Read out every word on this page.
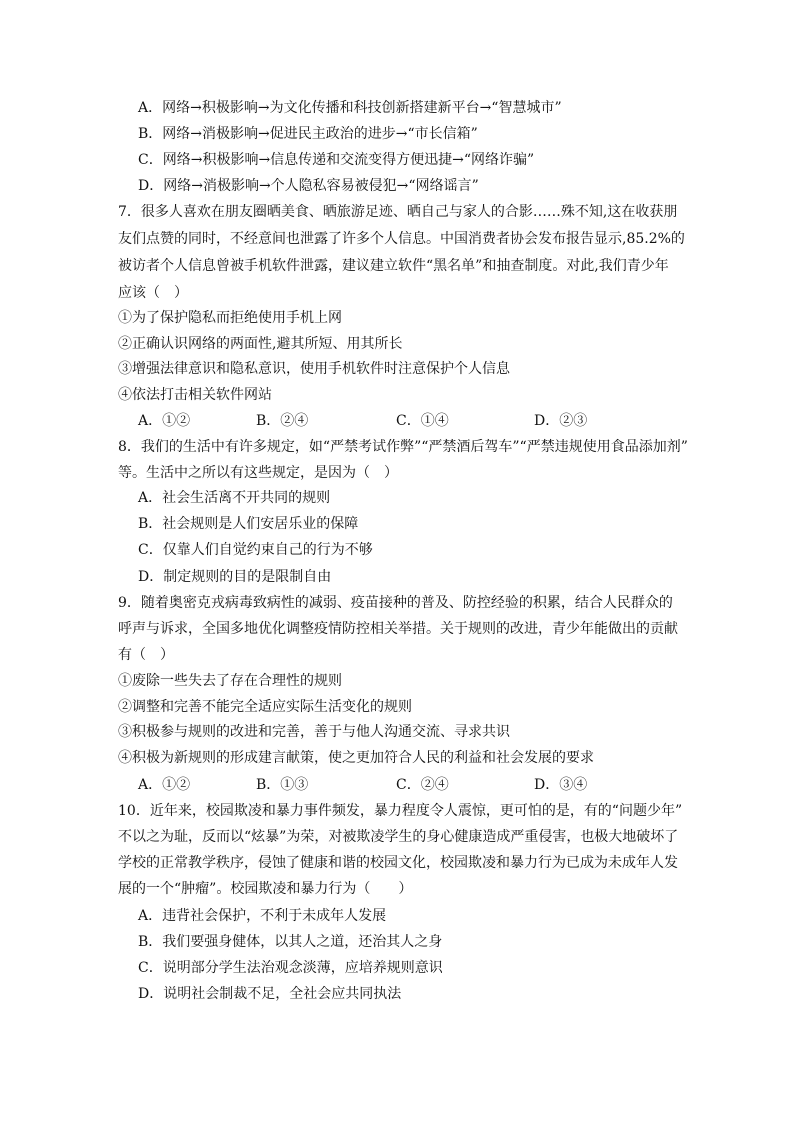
A．网络→积极影响→为文化传播和科技创新搭建新平台→“智慧城市”
B．网络→消极影响→促进民主政治的进步→“市长信箱”
C．网络→积极影响→信息传递和交流变得方便迅捷→“网络诈骗”
D．网络→消极影响→个人隐私容易被侵犯→“网络谣言”
7．很多人喜欢在朋友圈晒美食、晒旅游足迹、晒自己与家人的合影……殊不知,这在收获朋
友们点赞的同时，不经意间也泄露了许多个人信息。中国消费者协会发布报告显示,85.2%的
被访者个人信息曾被手机软件泄露，建议建立软件“黑名单”和抽查制度。对此,我们青少年
应该（　）
①为了保护隐私而拒绝使用手机上网
②正确认识网络的两面性,避其所短、用其所长
③增强法律意识和隐私意识，使用手机软件时注意保护个人信息
④依法打击相关软件网站
A．①②	B．②④	C．①④	D．②③
8．我们的生活中有许多规定，如“严禁考试作弊”“严禁酒后驾车”“严禁违规使用食品添加剂”
等。生活中之所以有这些规定，是因为（　）
A．社会生活离不开共同的规则
B．社会规则是人们安居乐业的保障
C．仅靠人们自觉约束自己的行为不够
D．制定规则的目的是限制自由
9．随着奥密克戎病毒致病性的减弱、疫苗接种的普及、防控经验的积累，结合人民群众的
呼声与诉求，全国多地优化调整疫情防控相关举措。关于规则的改进，青少年能做出的贡献
有（　）
①废除一些失去了存在合理性的规则
②调整和完善不能完全适应实际生活变化的规则
③积极参与规则的改进和完善，善于与他人沟通交流、寻求共识
④积极为新规则的形成建言献策，使之更加符合人民的利益和社会发展的要求
A．①②	B．①③	C．②④	D．③④
10．近年来，校园欺凌和暴力事件频发，暴力程度令人震惊，更可怕的是，有的“问题少年”
不以之为耻，反而以“炫暴”为荣，对被欺凌学生的身心健康造成严重侵害，也极大地破坏了
学校的正常教学秩序，侵蚀了健康和谐的校园文化，校园欺凌和暴力行为已成为未成年人发
展的一个“肿瘤”。校园欺凌和暴力行为（　　）
A．违背社会保护，不利于未成年人发展
B．我们要强身健体，以其人之道，还治其人之身
C．说明部分学生法治观念淡薄，应培养规则意识
D．说明社会制裁不足，全社会应共同执法
